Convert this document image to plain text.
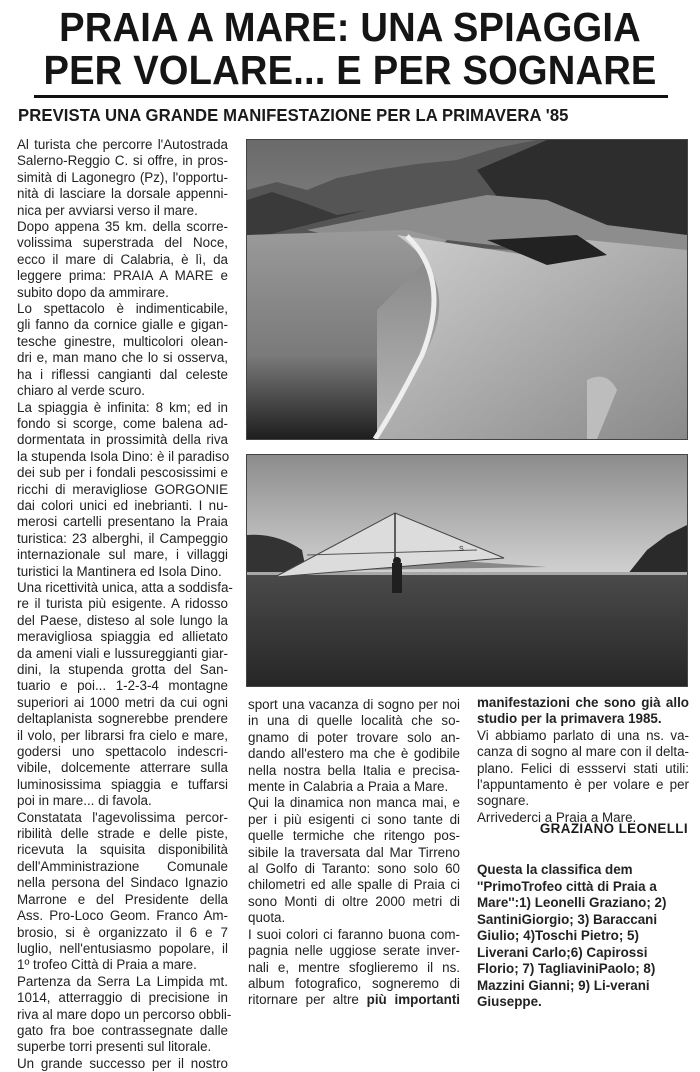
PRAIA A MARE: UNA SPIAGGIA
PER VOLARE... E PER SOGNARE
PREVISTA UNA GRANDE MANIFESTAZIONE PER LA PRIMAVERA '85
Al turista che percorre l'Autostrada
Salerno-Reggio C. si offre, in pros-
simità di Lagonegro (Pz), l'opportu-
nità di lasciare la dorsale appenni-
nica per avviarsi verso il mare.
Dopo appena 35 km. della scorre-
volissima superstrada del Noce,
ecco il mare di Calabria, è lì, da
leggere prima: PRAIA A MARE e
subito dopo da ammirare.
Lo spettacolo è indimenticabile,
gli fanno da cornice gialle e gigan-
tesche ginestre, multicolori olean-
dri e, man mano che lo si osserva,
ha i riflessi cangianti dal celeste
chiaro al verde scuro.
La spiaggia è infinita: 8 km; ed in
fondo si scorge, come balena ad-
dormentata in prossimità della riva
la stupenda Isola Dino: è il paradiso
dei sub per i fondali pescosissimi e
ricchi di meravigliose GORGONIE
dai colori unici ed inebrianti. I nu-
merosi cartelli presentano la Praia
turistica: 23 alberghi, il Campeggio
internazionale sul mare, i villaggi
turistici la Mantinera ed Isola Dino.
Una ricettività unica, atta a soddisfa-
re il turista più esigente. A ridosso
del Paese, disteso al sole lungo la
meravigliosa spiaggia ed allietato
da ameni viali e lussureggianti giar-
dini, la stupenda grotta del San-
tuario e poi... 1-2-3-4 montagne
superiori ai 1000 metri da cui ogni
deltaplanista sognerebbe prendere
il volo, per librarsi fra cielo e mare,
godersi uno spettacolo indescri-
vibile, dolcemente atterrare sulla
luminosissima spiaggia e tuffarsi
poi in mare... di favola.
Constatata l'agevolissima percor-
ribilità delle strade e delle piste,
ricevuta la squisita disponibilità
dell'Amministrazione Comunale
nella persona del Sindaco Ignazio
Marrone e del Presidente della
Ass. Pro-Loco Geom. Franco Am-
brosio, si è organizzato il 6 e 7
luglio, nell'entusiasmo popolare, il
1º trofeo Città di Praia a mare.
Partenza da Serra La Limpida mt.
1014, atterraggio di precisione in
riva al mare dopo un percorso obbli-
gato fra boe contrassegnate dalle
superbe torri presenti sul litorale.
Un grande successo per il nostro
S
sport una vacanza di sogno per noi
in una di quelle località che so-
gnamo di poter trovare solo an-
dando all'estero ma che è godibile
nella nostra bella Italia e precisa-
mente in Calabria a Praia a Mare.
Qui la dinamica non manca mai, e
per i più esigenti ci sono tante di
quelle termiche che ritengo pos-
sibile la traversata dal Mar Tirreno
al Golfo di Taranto: sono solo 60
chilometri ed alle spalle di Praia ci
sono Monti di oltre 2000 metri di
quota.
I suoi colori ci faranno buona com-
pagnia nelle uggiose serate inver-
nali e, mentre sfoglieremo il ns.
album fotografico, sogneremo di
ritornare per altre più importanti
manifestazioni che sono già allo
studio per la primavera 1985.
Vi abbiamo parlato di una ns. va-
canza di sogno al mare con il delta-
plano. Felici di essservi stati utili:
l'appuntamento è per volare e per
sognare.
Arrivederci a Praia a Mare.
GRAZIANO LEONELLI
Questa la classifica dem ''PrimoTrofeo città di Praia a Mare'':1) Leonelli Graziano; 2) SantiniGiorgio; 3) Baraccani Giulio; 4)Toschi Pietro; 5) Liverani Carlo;6) Capirossi Florio; 7) TagliaviniPaolo; 8) Mazzini Gianni; 9) Li-verani Giuseppe.
